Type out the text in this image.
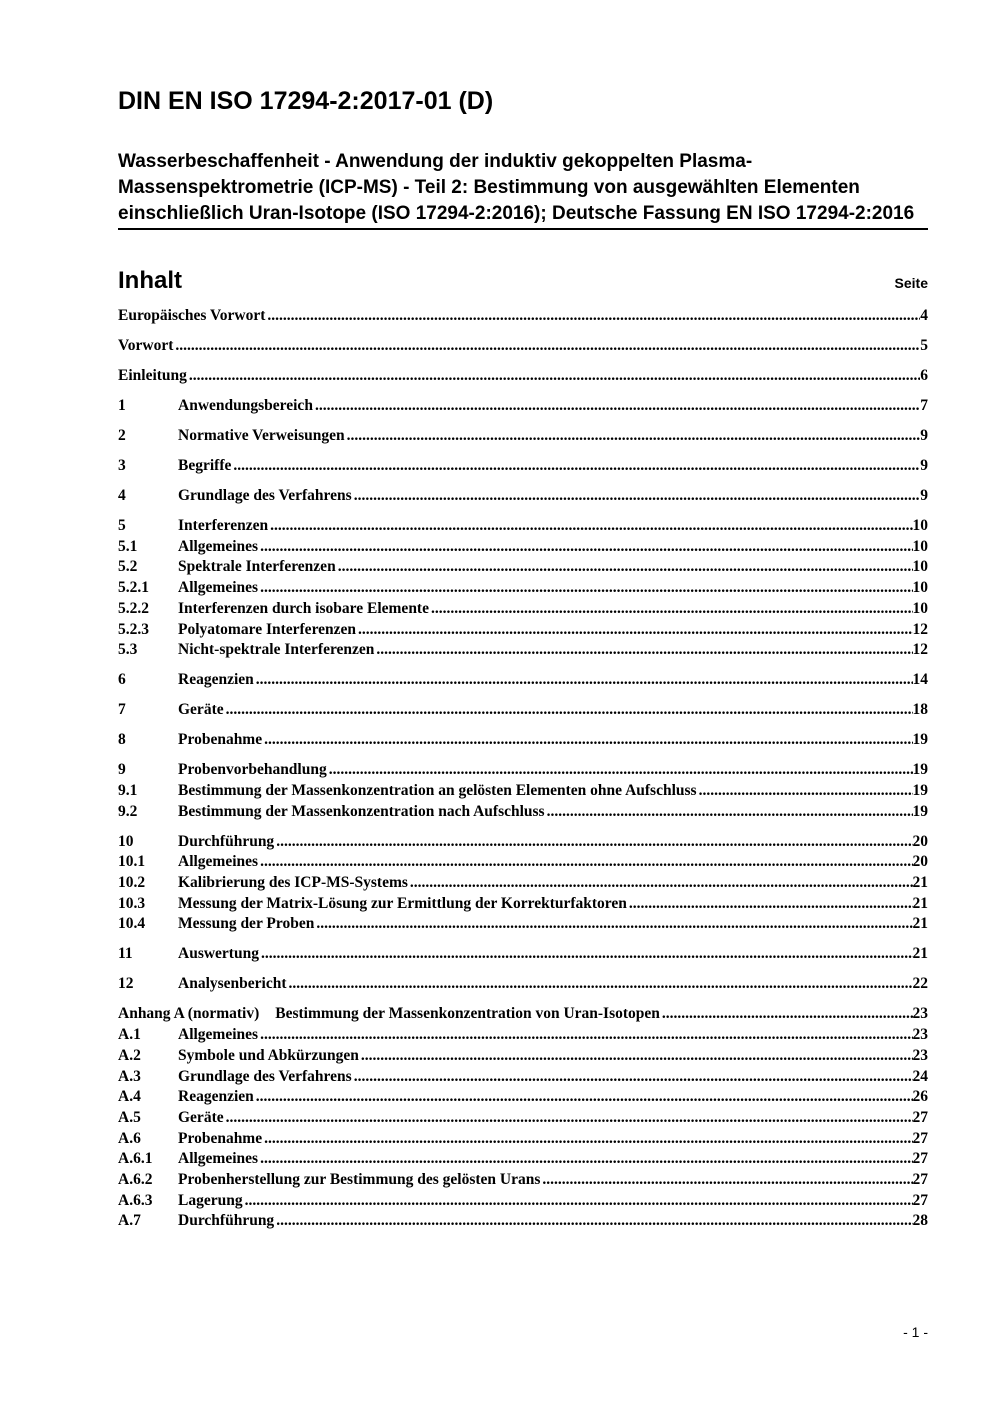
DIN EN ISO 17294-2:2017-01 (D)

Wasserbeschaffenheit - Anwendung der induktiv gekoppelten Plasma-Massenspektrometrie (ICP-MS) - Teil 2: Bestimmung von ausgewählten Elementen einschließlich Uran-Isotope (ISO 17294-2:2016); Deutsche Fassung EN ISO 17294-2:2016

Inhalt	Seite
Europäisches Vorwort .....	4
Vorwort .....	5
Einleitung .....	6
1	Anwendungsbereich .....	7
2	Normative Verweisungen .....	9
3	Begriffe .....	9
4	Grundlage des Verfahrens .....	9
5	Interferenzen .....	10
5.1	Allgemeines .....	10
5.2	Spektrale Interferenzen .....	10
5.2.1	Allgemeines .....	10
5.2.2	Interferenzen durch isobare Elemente .....	10
5.2.3	Polyatomare Interferenzen .....	12
5.3	Nicht-spektrale Interferenzen .....	12
6	Reagenzien .....	14
7	Geräte .....	18
8	Probenahme .....	19
9	Probenvorbehandlung .....	19
9.1	Bestimmung der Massenkonzentration an gelösten Elementen ohne Aufschluss .....	19
9.2	Bestimmung der Massenkonzentration nach Aufschluss .....	19
10	Durchführung .....	20
10.1	Allgemeines .....	20
10.2	Kalibrierung des ICP-MS-Systems .....	21
10.3	Messung der Matrix-Lösung zur Ermittlung der Korrekturfaktoren .....	21
10.4	Messung der Proben .....	21
11	Auswertung .....	21
12	Analysenbericht .....	22
Anhang A (normativ) Bestimmung der Massenkonzentration von Uran-Isotopen .....	23
A.1	Allgemeines .....	23
A.2	Symbole und Abkürzungen .....	23
A.3	Grundlage des Verfahrens .....	24
A.4	Reagenzien .....	26
A.5	Geräte .....	27
A.6	Probenahme .....	27
A.6.1	Allgemeines .....	27
A.6.2	Probenherstellung zur Bestimmung des gelösten Urans .....	27
A.6.3	Lagerung .....	27
A.7	Durchführung .....	28
- 1 -
